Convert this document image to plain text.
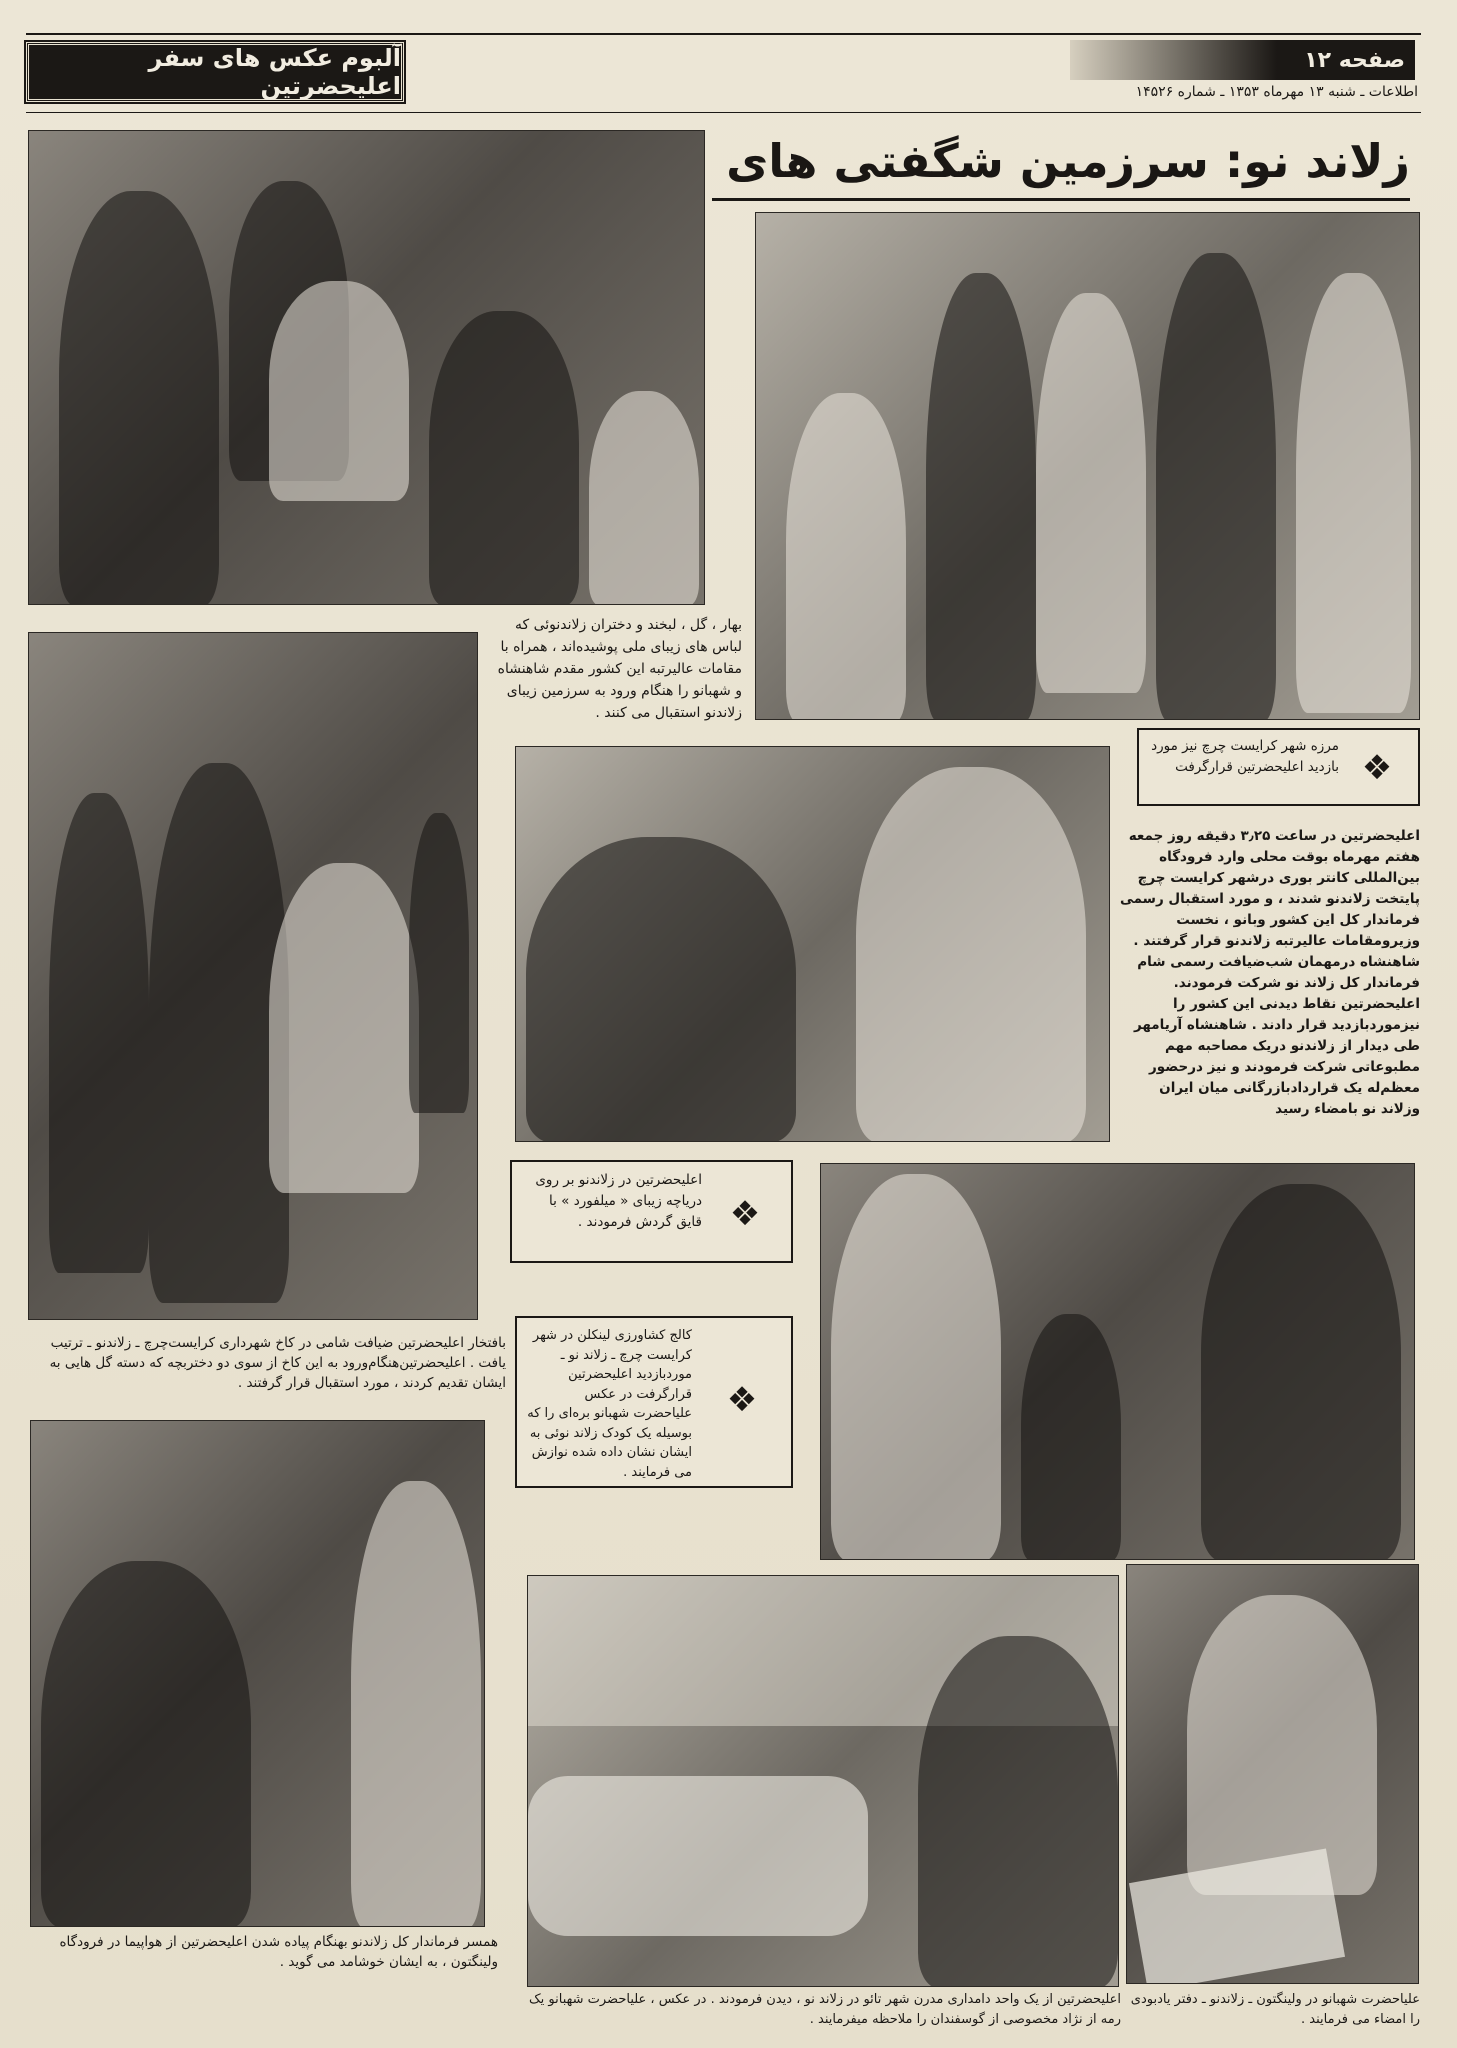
آلبوم عکس های سفر اعلیحضرتین
صفحه ۱۲
اطلاعات ـ شنبه ۱۳ مهرماه ۱۳۵۳ ـ شماره ۱۴۵۲۶
زلاند نو: سرزمین شگفتی های
بهار ، گل ، لبخند و دختران زلاندنوئی که لباس های زیبای ملی پوشیده‌اند ، همراه با مقامات عالیرتبه این کشور مقدم شاهنشاه و شهبانو را هنگام ورود به سرزمین زیبای زلاندنو استقبال می کنند .
مرزه شهر کرایست چرچ نیز مورد بازدید اعلیحضرتین قرارگرفت ❖
اعلیحضرتین در ساعت ۳٫۲۵ دقیقه روز جمعه هفتم مهرماه بوقت محلی وارد فرودگاه بین‌المللی کانتر بوری درشهر کرایست چرچ پایتخت زلاندنو شدند ، و مورد استقبال رسمی فرماندار کل این کشور وبانو ، نخست وزیرومقامات عالیرتبه زلاندنو قرار گرفتند . شاهنشاه درمهمان شب‌ضیافت رسمی شام فرماندار کل زلاند نو شرکت فرمودند. اعلیحضرتین نقاط دیدنی این کشور را نیزموردبازدید قرار دادند . شاهنشاه آریامهر طی دیدار از زلاندنو دریک مصاحبه مهم مطبوعاتی شرکت فرمودند و نیز درحضور معظم‌له یک قراردادبازرگانی میان ایران وزلاند نو بامضاء رسید
اعلیحضرتین در زلاندنو بر روی دریاچه زیبای « میلفورد » با قایق گردش فرمودند . ❖
بافتخار اعلیحضرتین ضیافت شامی در کاخ شهرداری کرایست‌چرچ ـ زلاندنو ـ ترتیب یافت . اعلیحضرتین‌هنگام‌ورود به این کاخ از سوی دو دختربچه که دسته گل هایی به ایشان تقدیم کردند ، مورد استقبال قرار گرفتند .
کالج کشاورزی لینکلن در شهر کرایست چرچ ـ زلاند نو ـ موردبازدید اعلیحضرتین قرارگرفت در عکس علیاحضرت شهبانو بره‌ای را که بوسیله یک کودک زلاند نوئی به ایشان نشان داده شده نوازش می فرمایند .
❖
همسر فرماندار کل زلاندنو بهنگام پیاده شدن اعلیحضرتین از هواپیما در فرودگاه ولینگتون ، به ایشان خوشامد می گوید .
اعلیحضرتین از یک واحد دامداری مدرن شهر تائو در زلاند نو ، دیدن فرمودند . در عکس ، علیاحضرت شهبانو یک رمه از نژاد مخصوصی از گوسفندان را ملاحظه میفرمایند .
علیاحضرت شهبانو در ولینگتون ـ زلاندنو ـ دفتر یادبودی را امضاء می فرمایند .
